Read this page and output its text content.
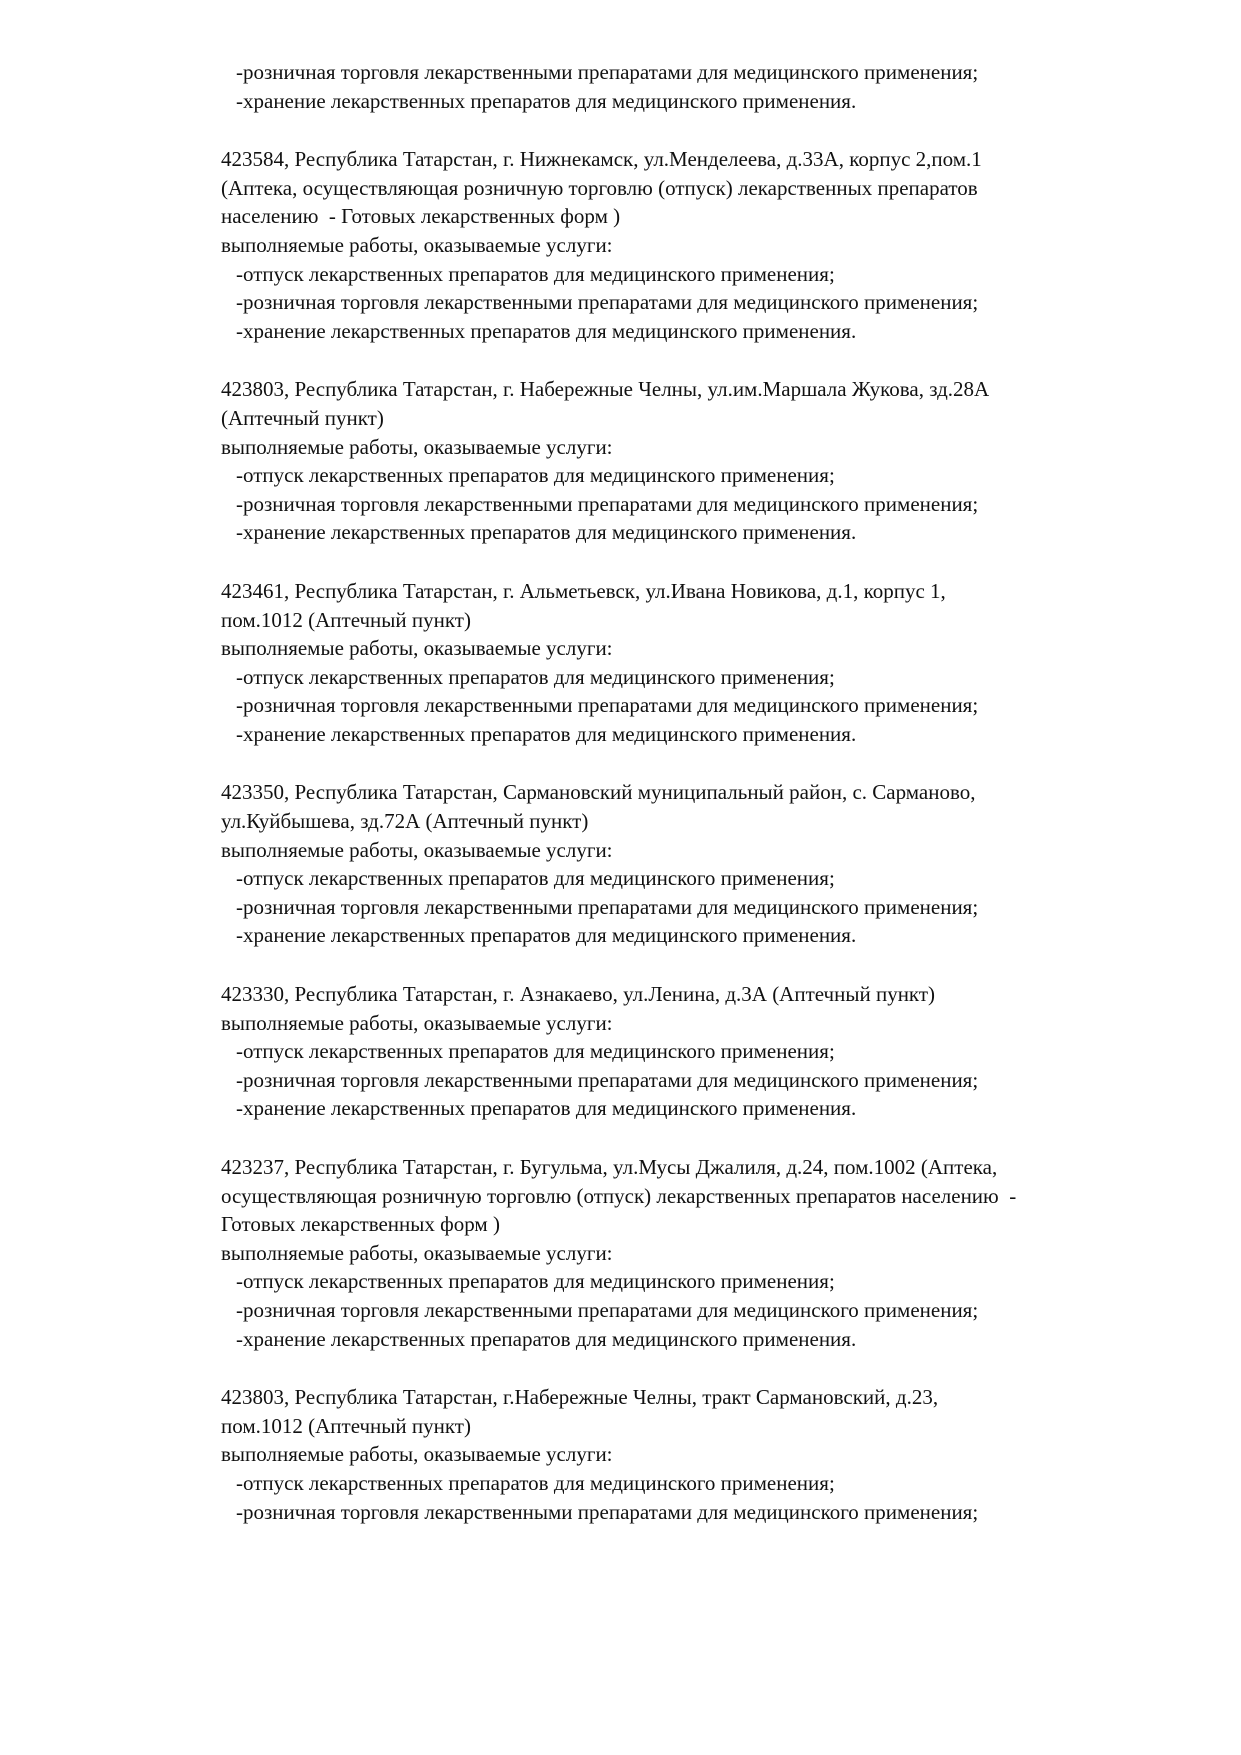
-розничная торговля лекарственными препаратами для медицинского применения;
-хранение лекарственных препаратов для медицинского применения.
423584, Республика Татарстан, г. Нижнекамск, ул.Менделеева, д.33А, корпус 2,пом.1
(Аптека, осуществляющая розничную торговлю (отпуск) лекарственных препаратов
населению  - Готовых лекарственных форм )
выполняемые работы, оказываемые услуги:
-отпуск лекарственных препаратов для медицинского применения;
-розничная торговля лекарственными препаратами для медицинского применения;
-хранение лекарственных препаратов для медицинского применения.
423803, Республика Татарстан, г. Набережные Челны, ул.им.Маршала Жукова, зд.28А
(Аптечный пункт)
выполняемые работы, оказываемые услуги:
-отпуск лекарственных препаратов для медицинского применения;
-розничная торговля лекарственными препаратами для медицинского применения;
-хранение лекарственных препаратов для медицинского применения.
423461, Республика Татарстан, г. Альметьевск, ул.Ивана Новикова, д.1, корпус 1,
пом.1012 (Аптечный пункт)
выполняемые работы, оказываемые услуги:
-отпуск лекарственных препаратов для медицинского применения;
-розничная торговля лекарственными препаратами для медицинского применения;
-хранение лекарственных препаратов для медицинского применения.
423350, Республика Татарстан, Сармановский муниципальный район, с. Сарманово,
ул.Куйбышева, зд.72А (Аптечный пункт)
выполняемые работы, оказываемые услуги:
-отпуск лекарственных препаратов для медицинского применения;
-розничная торговля лекарственными препаратами для медицинского применения;
-хранение лекарственных препаратов для медицинского применения.
423330, Республика Татарстан, г. Азнакаево, ул.Ленина, д.3А (Аптечный пункт)
выполняемые работы, оказываемые услуги:
-отпуск лекарственных препаратов для медицинского применения;
-розничная торговля лекарственными препаратами для медицинского применения;
-хранение лекарственных препаратов для медицинского применения.
423237, Республика Татарстан, г. Бугульма, ул.Мусы Джалиля, д.24, пом.1002 (Аптека,
осуществляющая розничную торговлю (отпуск) лекарственных препаратов населению  -
Готовых лекарственных форм )
выполняемые работы, оказываемые услуги:
-отпуск лекарственных препаратов для медицинского применения;
-розничная торговля лекарственными препаратами для медицинского применения;
-хранение лекарственных препаратов для медицинского применения.
423803, Республика Татарстан, г.Набережные Челны, тракт Сармановский, д.23,
пом.1012 (Аптечный пункт)
выполняемые работы, оказываемые услуги:
-отпуск лекарственных препаратов для медицинского применения;
-розничная торговля лекарственными препаратами для медицинского применения;
